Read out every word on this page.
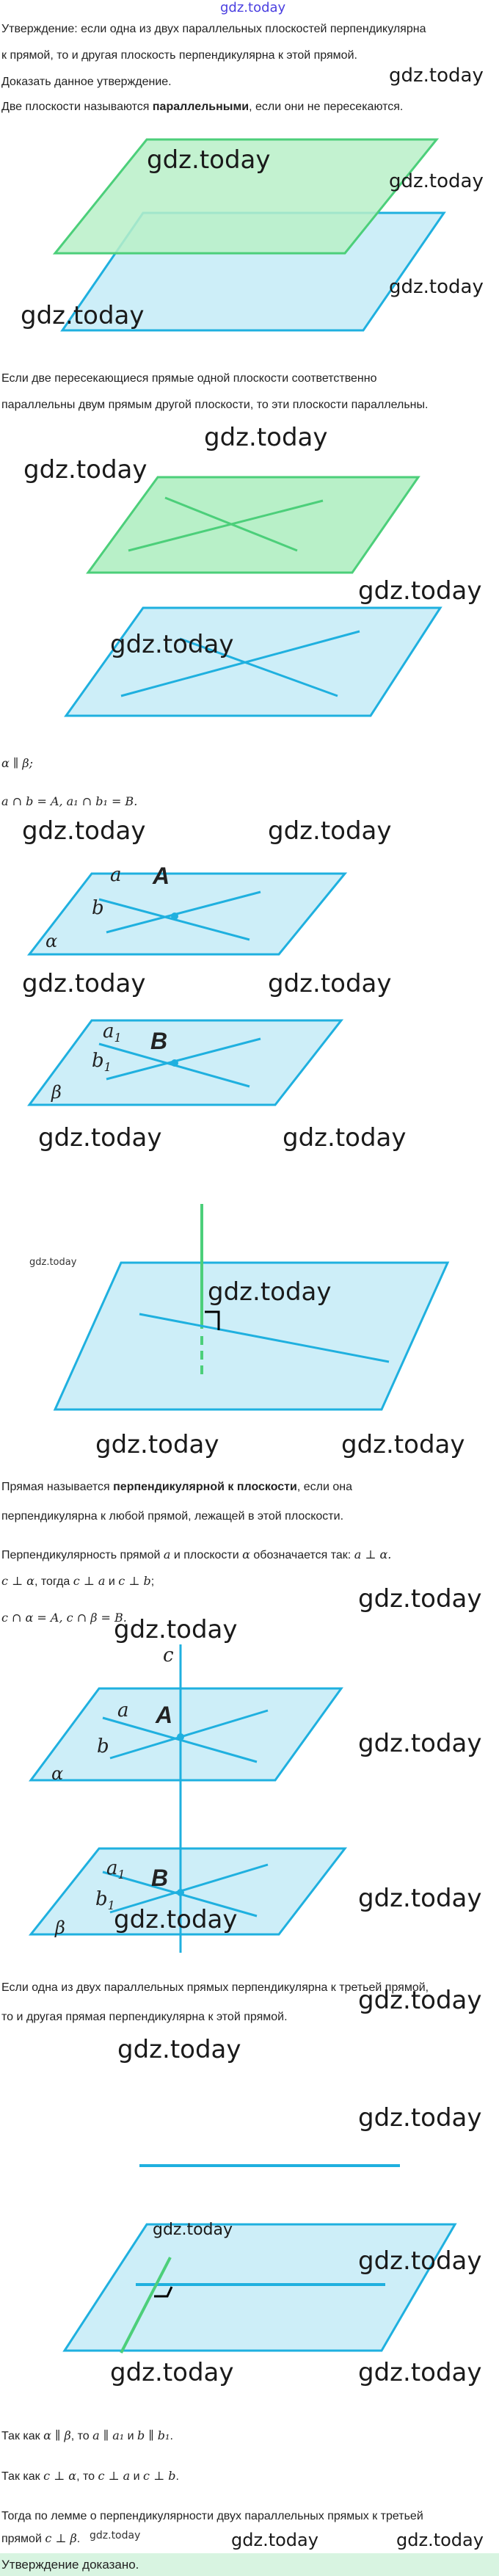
gdz.today

Утверждение: если одна из двух параллельных плоскостей перпендикулярна

к прямой, то и другая плоскость перпендикулярна к этой прямой.

Доказать данное утверждение.	gdz.today

Две плоскости называются параллельными, если они не пересекаются.

gdz.today
gdz.today
gdz.today
gdz.today

Если две пересекающиеся прямые одной плоскости соответственно

параллельны двум прямым другой плоскости, то эти плоскости параллельны.

gdz.today
gdz.today
gdz.today
gdz.today

α ∥ β;

a ∩ b = A, a₁ ∩ b₁ = B.

a A
b
α
$a_1$ B
$b_1$
β
gdz.today	gdz.today
gdz.today	gdz.today
gdz.today	gdz.today
gdz.today
gdz.today
gdz.today	gdz.today

Прямая называется перпендикулярной к плоскости, если она

перпендикулярна к любой прямой, лежащей в этой плоскости.

Перпендикулярность прямой a и плоскости α обозначается так: a ⊥ α.

c ⊥ α, тогда c ⊥ a и c ⊥ b;

c ∩ α = A, c ∩ β = B.

gdz.today
gdz.today
c
a A
b
α
$a_1$ B
$b_1$
β
gdz.today
gdz.today
gdz.today

Если одна из двух параллельных прямых перпендикулярна к третьей прямой,

то и другая прямая перпендикулярна к этой прямой.

gdz.today
gdz.today
gdz.today
gdz.today
gdz.today
gdz.today	gdz.today

Так как α ∥ β, то a ∥ a₁ и b ∥ b₁.

Так как c ⊥ α, то c ⊥ a и c ⊥ b.

Тогда по лемме о перпендикулярности двух параллельных прямых к третьей

прямой c ⊥ β. gdz.today	gdz.today	gdz.today
Утверждение доказано.
